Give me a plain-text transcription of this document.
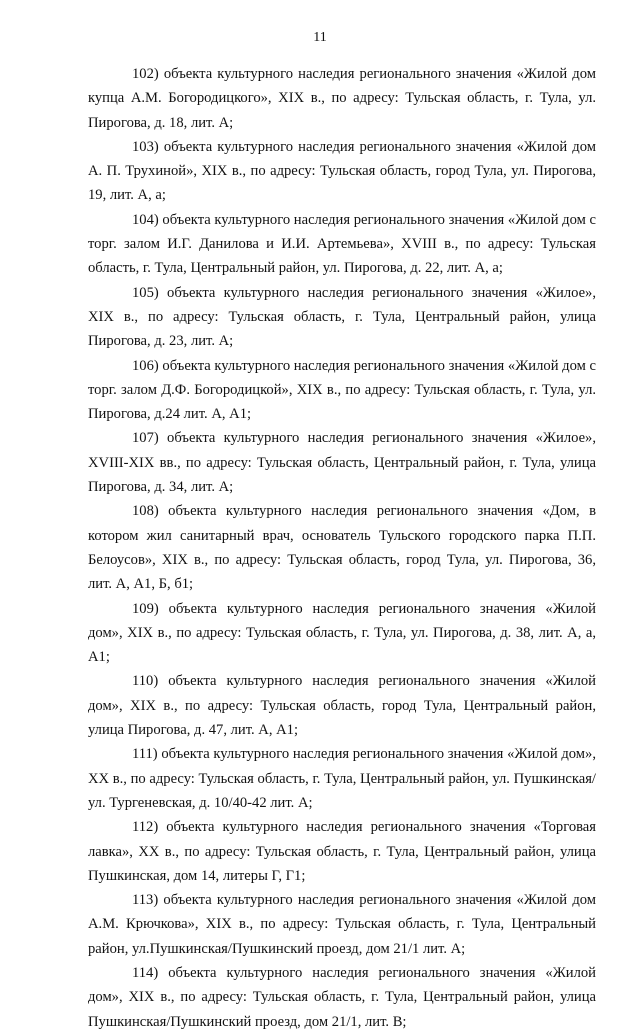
11

102) объекта культурного наследия регионального значения «Жилой дом купца А.М. Богородицкого», XIX в., по адресу: Тульская область, г. Тула, ул. Пирогова, д. 18, лит. А;

103) объекта культурного наследия регионального значения «Жилой дом А. П. Трухиной», XIX в., по адресу: Тульская область, город Тула, ул. Пирогова, 19, лит. А, а;

104) объекта культурного наследия регионального значения «Жилой дом с торг. залом И.Г. Данилова и И.И. Артемьева», XVIII в., по адресу: Тульская область, г. Тула, Центральный район, ул. Пирогова, д. 22, лит. А, а;

105) объекта культурного наследия регионального значения «Жилое», XIX в., по адресу: Тульская область, г. Тула, Центральный район, улица Пирогова, д. 23, лит. А;

106) объекта культурного наследия регионального значения «Жилой дом с торг. залом Д.Ф. Богородицкой», XIX в., по адресу: Тульская область, г. Тула, ул. Пирогова, д.24 лит. А, А1;

107) объекта культурного наследия регионального значения «Жилое», XVIII-XIX вв., по адресу: Тульская область, Центральный район, г. Тула, улица Пирогова, д. 34, лит. А;

108) объекта культурного наследия регионального значения «Дом, в котором жил санитарный врач, основатель Тульского городского парка П.П. Белоусов», XIX в., по адресу: Тульская область, город Тула, ул. Пирогова, 36, лит. А, А1, Б, б1;

109) объекта культурного наследия регионального значения «Жилой дом», XIX в., по адресу: Тульская область, г. Тула, ул. Пирогова, д. 38, лит. А, а, А1;

110) объекта культурного наследия регионального значения «Жилой дом», XIX в., по адресу: Тульская область, город Тула, Центральный район, улица Пирогова, д. 47, лит. А, А1;

111) объекта культурного наследия регионального значения «Жилой дом», XX в., по адресу: Тульская область, г. Тула, Центральный район, ул. Пушкинская/ ул. Тургеневская, д. 10/40-42 лит. А;

112) объекта культурного наследия регионального значения «Торговая лавка», XX в., по адресу: Тульская область, г. Тула, Центральный район, улица Пушкинская, дом 14, литеры Г, Г1;

113) объекта культурного наследия регионального значения «Жилой дом А.М. Крючкова», XIX в., по адресу: Тульская область, г. Тула, Центральный район, ул.Пушкинская/Пушкинский проезд, дом 21/1 лит. А;

114) объекта культурного наследия регионального значения «Жилой дом», XIX в., по адресу: Тульская область, г. Тула, Центральный район, улица Пушкинская/Пушкинский проезд, дом 21/1, лит. В;
